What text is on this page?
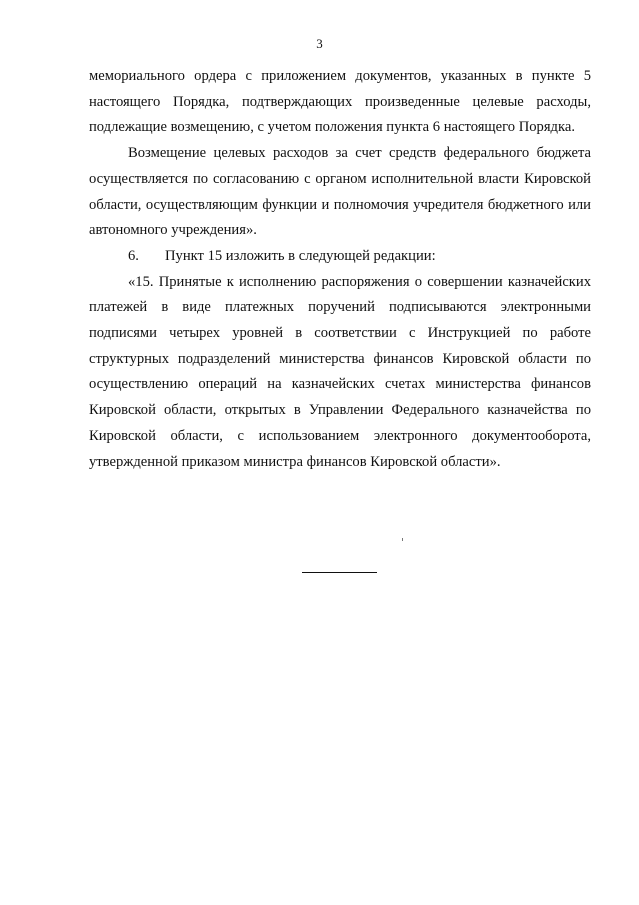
3

мемориального ордера с приложением документов, указанных в пункте 5 настоящего Порядка, подтверждающих произведенные целевые расходы, подлежащие возмещению, с учетом положения пункта 6 настоящего Порядка.

Возмещение целевых расходов за счет средств федерального бюджета осуществляется по согласованию с органом исполнительной власти Кировской области, осуществляющим функции и полномочия учредителя бюджетного или автономного учреждения».

6.	Пункт 15 изложить в следующей редакции:

«15. Принятые к исполнению распоряжения о совершении казначейских платежей в виде платежных поручений подписываются электронными подписями четырех уровней в соответствии с Инструкцией по работе структурных подразделений министерства финансов Кировской области по осуществлению операций на казначейских счетах министерства финансов Кировской области, открытых в Управлении Федерального казначейства по Кировской области, с использованием электронного документооборота, утвержденной приказом министра финансов Кировской области».
